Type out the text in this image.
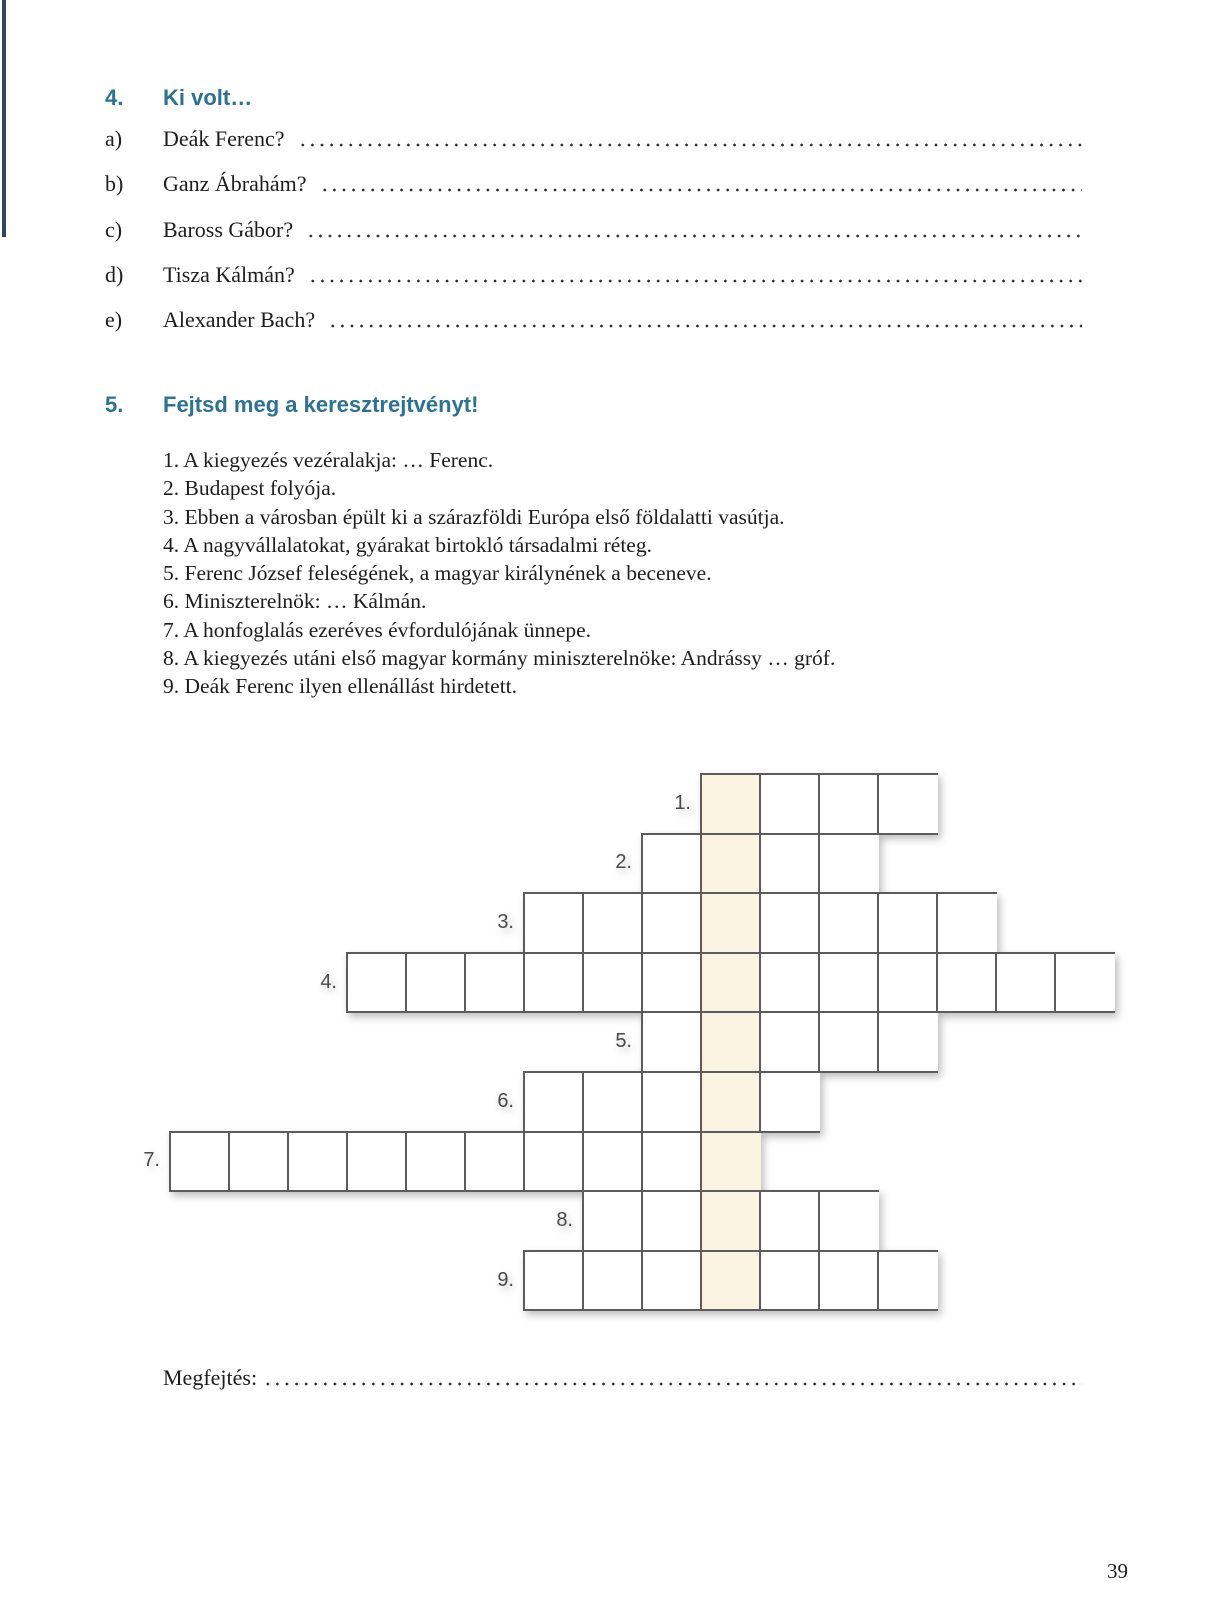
4.	Ki volt…
a)	Deák Ferenc?
b)	Ganz Ábrahám?
c)	Baross Gábor?
d)	Tisza Kálmán?
e)	Alexander Bach?
5.	Fejtsd meg a keresztrejtvényt!
1. A kiegyezés vezéralakja: … Ferenc.
2. Budapest folyója.
3. Ebben a városban épült ki a szárazföldi Európa első földalatti vasútja.
4. A nagyvállalatokat, gyárakat birtokló társadalmi réteg.
5. Ferenc József feleségének, a magyar királynének a beceneve.
6. Miniszterelnök: … Kálmán.
7. A honfoglalás ezeréves évfordulójának ünnepe.
8. A kiegyezés utáni első magyar kormány miniszterelnöke: Andrássy … gróf.
9. Deák Ferenc ilyen ellenállást hirdetett.
1.
2.
3.
4.
5.
6.
7.
8.
9.
Megfejtés:
39
